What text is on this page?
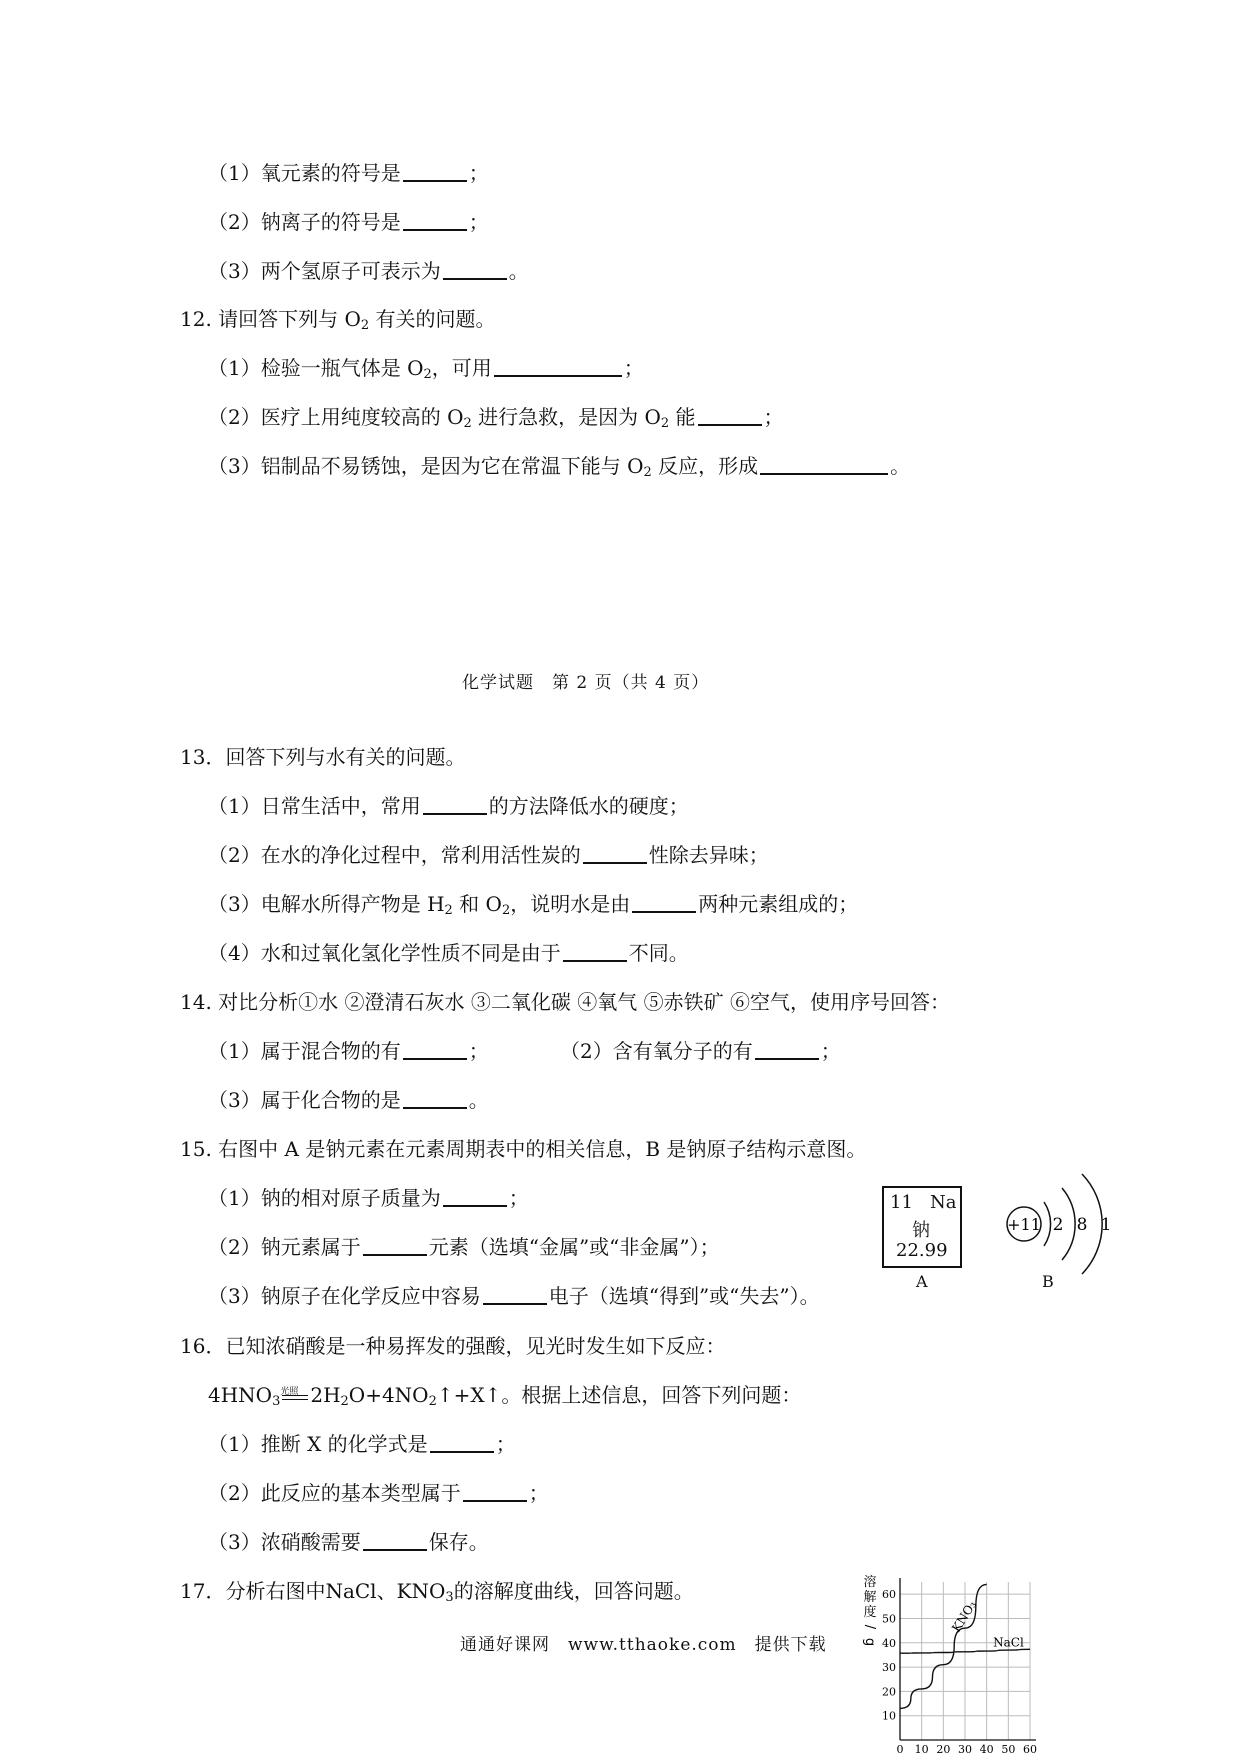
（1）氧元素的符号是	；
（2）钠离子的符号是	；
（3）两个氢原子可表示为	。
12. 请回答下列与 $O_2$ 有关的问题。
（1）检验一瓶气体是 $O_2$，可用	；
（2）医疗上用纯度较高的 $O_2$ 进行急救，是因为 $O_2$ 能	；
（3）铝制品不易锈蚀，是因为它在常温下能与 $O_2$ 反应，形成	。
化学试题　第 2 页（共 4 页）
13．回答下列与水有关的问题。
（1）日常生活中，常用	的方法降低水的硬度；
（2）在水的净化过程中，常利用活性炭的	性除去异味；
（3）电解水所得产物是 $H_2$ 和 $O_2$，说明水是由	两种元素组成的；
（4）水和过氧化氢化学性质不同是由于	不同。
14. 对比分析①水 ②澄清石灰水 ③二氧化碳 ④氧气 ⑤赤铁矿 ⑥空气，使用序号回答：
（1）属于混合物的有	；	（2）含有氧分子的有	；
（3）属于化合物的是	。
15. 右图中 A 是钠元素在元素周期表中的相关信息，B 是钠原子结构示意图。
（1）钠的相对原子质量为	；
（2）钠元素属于	元素（选填“金属”或“非金属”）；
（3）钠原子在化学反应中容易	电子（选填“得到”或“失去”）。
11 Na
钠
22.99
A
+11 2 8 1
B
16．已知浓硝酸是一种易挥发的强酸，见光时发生如下反应：
$4HNO_3$
光照 $2H_2O+4NO_2↑+X↑$。根据上述信息，回答下列问题：
（1）推断 X 的化学式是	；
（2）此反应的基本类型属于	；
（3）浓硝酸需要	保存。
17．分析右图中NaCl、$KNO_3$的溶解度曲线，回答问题。
通通好课网　www.tthaoke.com　提供下载
溶
解
度
/
g
10
20
30
40
50
60
0 10 20 30 40 50 60
KNO₃
NaCl
